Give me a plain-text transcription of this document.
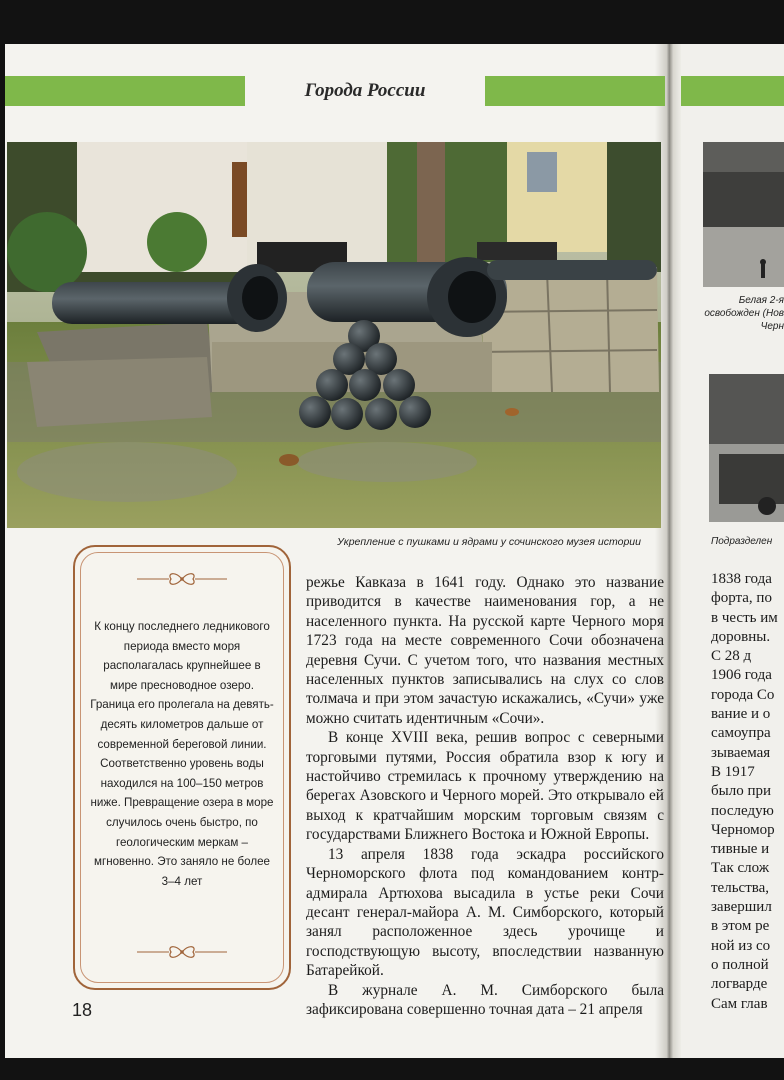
Белая 2-я освобожден (Нов Черн
Подразделен
1838 года
форта, по
в честь им
доровны.
С 28 д
1906 года
города Со
вание и о
самоупра
зываемая
В 1917
было при
последую
Черномор
тивные и
Так слож
тельства,
завершил
в этом ре
ной из со
о полной
логвардe
Сам глав
Города России
Укрепление с пушками и ядрами у сочинского музея истории
К концу последнего ледникового периода вместо моря располагалась крупнейшее в мире пресноводное озеро. Граница его пролегала на девять-десять километров дальше от современной береговой линии. Соответственно уровень воды находился на 100–150 метров ниже. Превращение озера в море случилось очень быстро, по геологическим меркам – мгновенно. Это заняло не более 3–4 лет

режье Кавказа в 1641 году. Однако это название приводится в качестве наименования гор, а не населенного пункта. На русской карте Черного моря 1723 года на месте современного Сочи обозначена деревня Сучи. С учетом того, что названия местных населенных пунктов записывались на слух со слов толмача и при этом зачастую искажались, «Сучи» уже можно считать идентичным «Сочи».

В конце XVIII века, решив вопрос с северными торговыми путями, Россия обратила взор к югу и настойчиво стремилась к прочному утверждению на берегах Азовского и Черного морей. Это открывало ей выход к кратчайшим морским торговым связям с государствами Ближнего Востока и Южной Европы.

13 апреля 1838 года эскадра российского Черноморского флота под командованием контр-адмирала Артюхова высадила в устье реки Сочи десант генерал-майора А. М. Симборского, который занял расположенное здесь урочище и господствующую высоту, впоследствии названную Батарейкой.

В журнале А. М. Симборского была зафиксирована совершенно точная дата – 21 апреля

18
